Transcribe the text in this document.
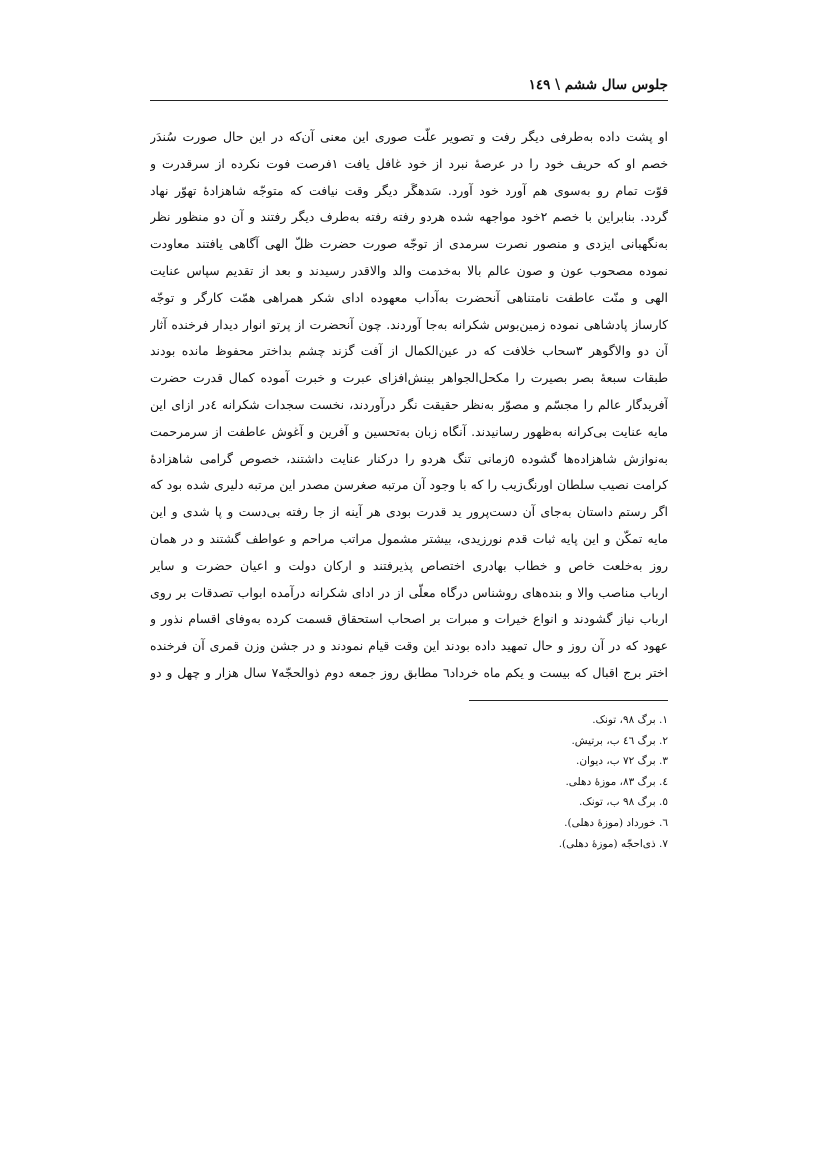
جلوس سال ششم \ ١٤٩
او پشت داده به‌طرفی دیگر رفت و تصویر علّت صوری این معنی آن‌که در این حال صورت سُندَر
خصم او که حریف خود را در عرصهٔ نبرد از خود غافل یافت ١فرصت فوت نکرده از سرقدرت و
قوّت تمام رو به‌سوی هم آورد خود آورد. سَدهگَر دیگر وقت نیافت که متوجّه شاهزادهٔ تهوّر نهاد
گردد. بنابراین با خصم ٢خود مواجهه شده هردو رفته رفته به‌طرف دیگر رفتند و آن دو منظور نظر
به‌نگهبانی ایزدی و منصور نصرت سرمدی از توجّه صورت حضرت ظلّ الهی آگاهی یافتند معاودت
نموده مصحوب عون و صون عالم بالا به‌خدمت والد والاقدر رسیدند و بعد از تقدیم سپاس عنایت
الهی و منّت عاطفت نامتناهی آنحضرت به‌آداب معهوده ادای شکر همراهی همّت کارگر و توجّه
کارساز پادشاهی نموده زمین‌بوس شکرانه به‌جا آوردند. چون آنحضرت از پرتو انوار دیدار فرخنده آثار
آن دو والاگوهر ٣سحاب خلافت که در عین‌الکمال از آفت گزند چشم بداختر محفوظ مانده بودند
طبقات سبعهٔ بصر بصیرت را مکحل‌الجواهر بینش‌افزای عبرت و خبرت آموده کمال قدرت حضرت
آفریدگار عالم را مجسّم و مصوّر به‌نظر حقیقت نگر درآوردند، نخست سجدات شکرانه ٤در ازای این
مایه عنایت بی‌کرانه به‌ظهور رسانیدند. آنگاه زبان به‌تحسین و آفرین و آغوش عاطفت از سرمرحمت
به‌نوازش شاهزاده‌ها گشوده ٥زمانی تنگ هردو را درکنار عنایت داشتند، خصوص گرامی شاهزادهٔ
کرامت نصیب سلطان اورنگ‌زیب را که با وجود آن مرتبه صغرسن مصدر این مرتبه دلیری شده بود که
اگر رستم داستان به‌جای آن دست‌پرور ید قدرت بودی هر آینه از جا رفته بی‌دست و پا شدی و این
مایه تمکّن و این پایه ثبات قدم نورزیدی، بیشتر مشمول مراتب مراحم و عواطف گشتند و در همان
روز به‌خلعت خاص و خطاب بهادری اختصاص پذیرفتند و ارکان دولت و اعیان حضرت و سایر
ارباب مناصب والا و بنده‌های روشناس درگاه معلّی از در ادای شکرانه درآمده ابواب تصدقات بر روی
ارباب نیاز گشودند و انواع خیرات و مبرات بر اصحاب استحقاق قسمت کرده به‌وفای اقسام نذور و
عهود که در آن روز و حال تمهید داده بودند این وقت قیام نمودند و در جشن وزن قمری آن فرخنده
اختر برج اقبال که بیست و یکم ماه خرداد٦ مطابق روز جمعه دوم ذوالحجّه٧ سال هزار و چهل و دو
١. برگ ٩٨، تونک.
٢. برگ ٤٦ ب، برتیش.
٣. برگ ٧٢ ب، دیوان.
٤. برگ ٨٣، موزهٔ دهلی.
٥. برگ ٩٨ ب، تونک.
٦. خورداد (موزهٔ دهلی).
٧. ذی‌احجّه (موزهٔ دهلی).
